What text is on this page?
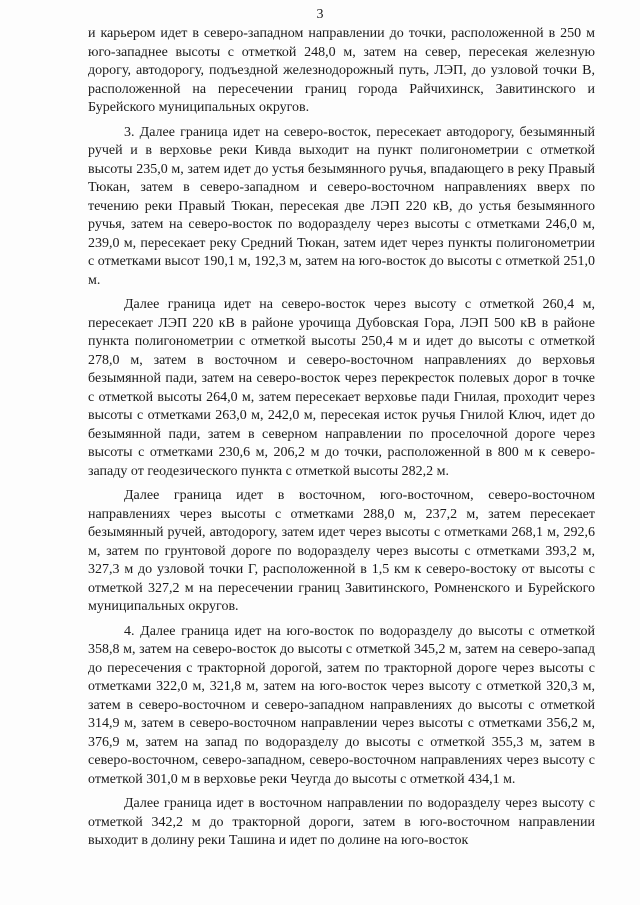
3

и карьером идет в северо-западном направлении до точки, расположенной в 250 м юго-западнее высоты с отметкой 248,0 м, затем на север, пересекая железную дорогу, автодорогу, подъездной железнодорожный путь, ЛЭП, до узловой точки В, расположенной на пересечении границ города Райчихинск, Завитинского и Бурейского муниципальных округов.

3. Далее граница идет на северо-восток, пересекает автодорогу, безымянный ручей и в верховье реки Кивда выходит на пункт полигонометрии с отметкой высоты 235,0 м, затем идет до устья безымянного ручья, впадающего в реку Правый Тюкан, затем в северо-западном и северо-восточном направлениях вверх по течению реки Правый Тюкан, пересекая две ЛЭП 220 кВ, до устья безымянного ручья, затем на северо-восток по водоразделу через высоты с отметками 246,0 м, 239,0 м, пересекает реку Средний Тюкан, затем идет через пункты полигонометрии с отметками высот 190,1 м, 192,3 м, затем на юго-восток до высоты с отметкой 251,0 м.

Далее граница идет на северо-восток через высоту с отметкой 260,4 м, пересекает ЛЭП 220 кВ в районе урочища Дубовская Гора, ЛЭП 500 кВ в районе пункта полигонометрии с отметкой высоты 250,4 м и идет до высоты с отметкой 278,0 м, затем в восточном и северо-восточном направлениях до верховья безымянной пади, затем на северо-восток через перекресток полевых дорог в точке с отметкой высоты 264,0 м, затем пересекает верховье пади Гнилая, проходит через высоты с отметками 263,0 м, 242,0 м, пересекая исток ручья Гнилой Ключ, идет до безымянной пади, затем в северном направлении по проселочной дороге через высоты с отметками 230,6 м, 206,2 м до точки, расположенной в 800 м к северо-западу от геодезического пункта с отметкой высоты 282,2 м.

Далее граница идет в восточном, юго-восточном, северо-восточном направлениях через высоты с отметками 288,0 м, 237,2 м, затем пересекает безымянный ручей, автодорогу, затем идет через высоты с отметками 268,1 м, 292,6 м, затем по грунтовой дороге по водоразделу через высоты с отметками 393,2 м, 327,3 м до узловой точки Г, расположенной в 1,5 км к северо-востоку от высоты с отметкой 327,2 м на пересечении границ Завитинского, Ромненского и Бурейского муниципальных округов.

4. Далее граница идет на юго-восток по водоразделу до высоты с отметкой 358,8 м, затем на северо-восток до высоты с отметкой 345,2 м, затем на северо-запад до пересечения с тракторной дорогой, затем по тракторной дороге через высоты с отметками 322,0 м, 321,8 м, затем на юго-восток через высоту с отметкой 320,3 м, затем в северо-восточном и северо-западном направлениях до высоты с отметкой 314,9 м, затем в северо-восточном направлении через высоты с отметками 356,2 м, 376,9 м, затем на запад по водоразделу до высоты с отметкой 355,3 м, затем в северо-восточном, северо-западном, северо-восточном направлениях через высоту с отметкой 301,0 м в верховье реки Чеугда до высоты с отметкой 434,1 м.

Далее граница идет в восточном направлении по водоразделу через высоту с отметкой 342,2 м до тракторной дороги, затем в юго-восточном направлении выходит в долину реки Ташина и идет по долине на юго-восток
